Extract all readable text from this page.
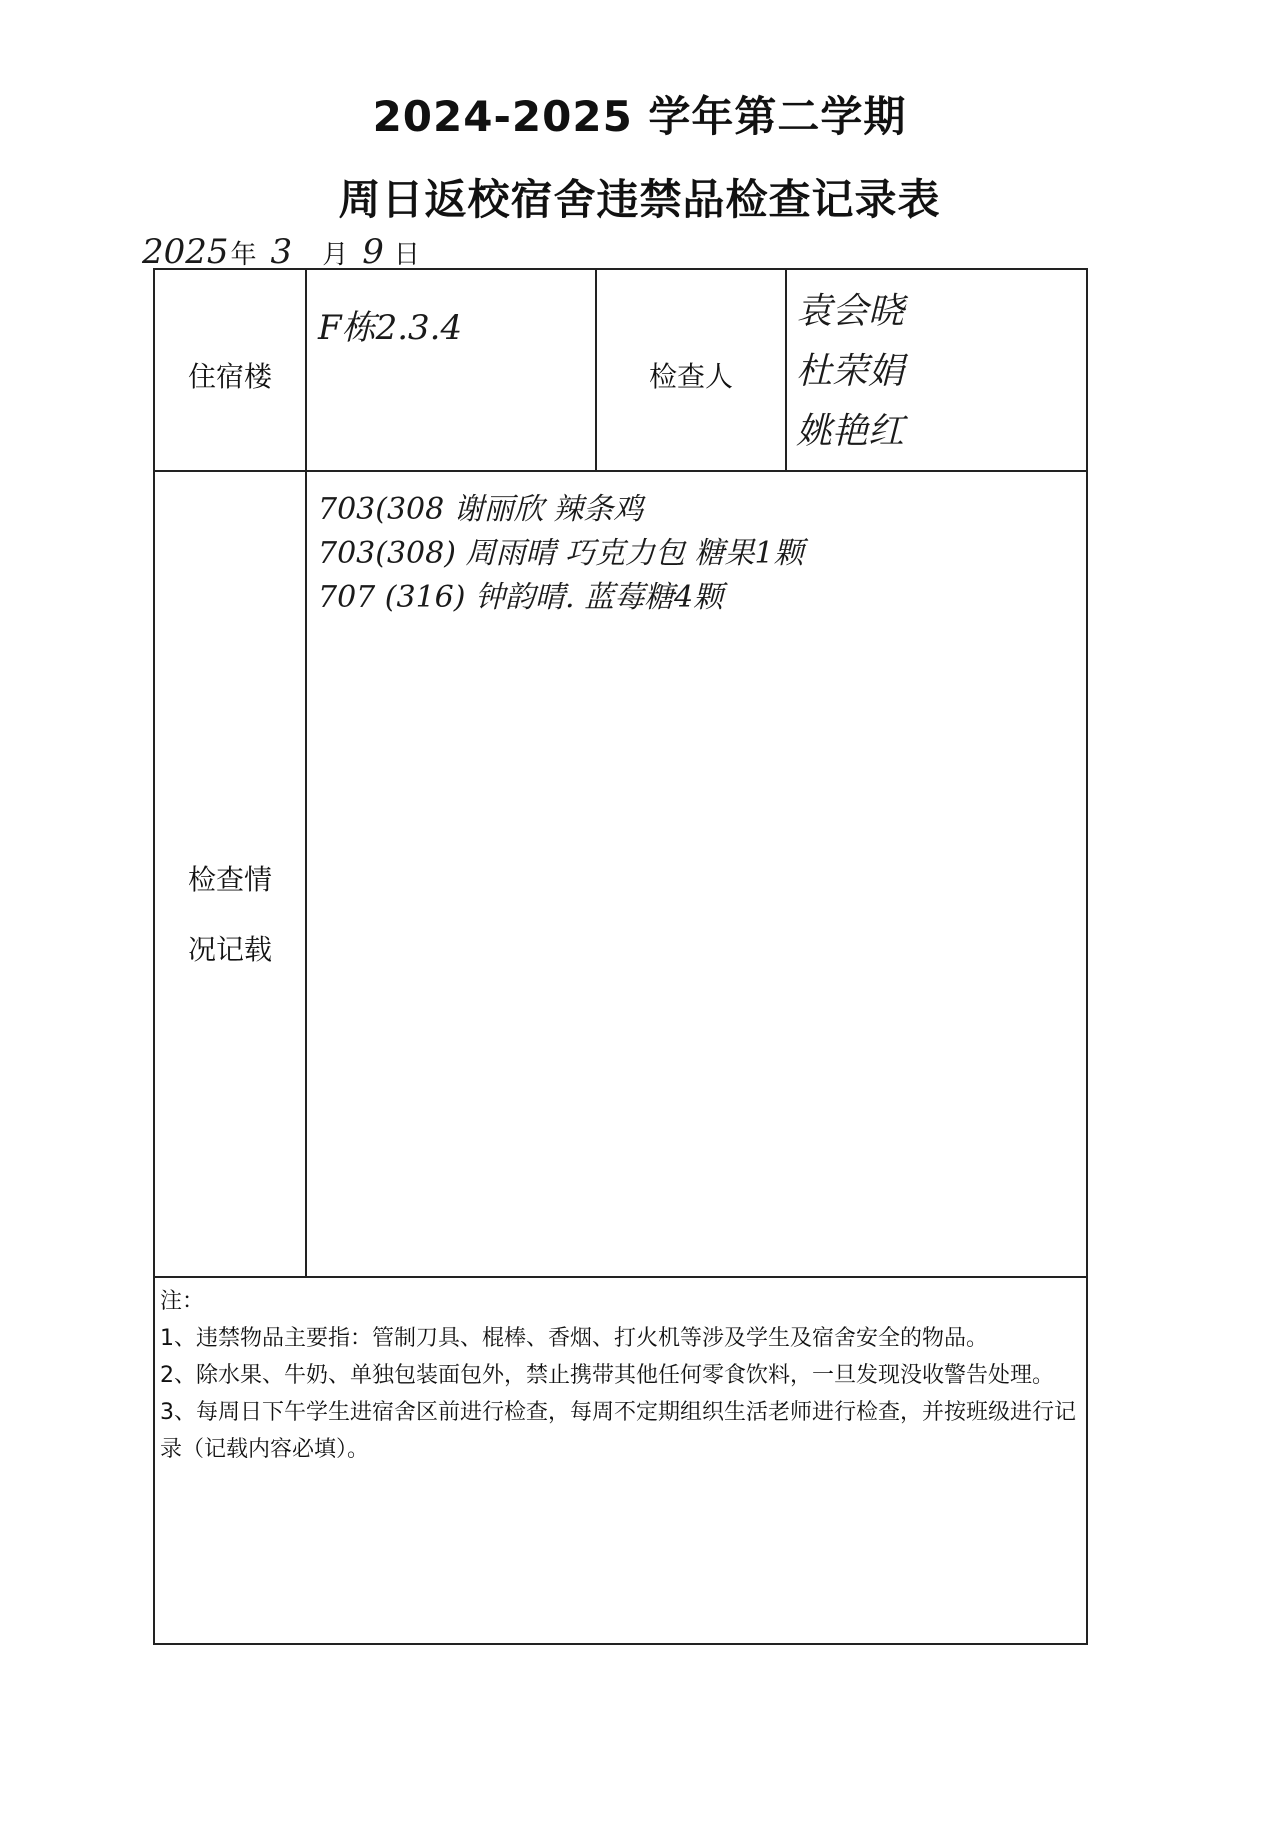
2024-2025 学年第二学期
周日返校宿舍违禁品检查记录表
2025 年 3 月 9 日
住宿楼
F栋2.3.4
检查人
袁会晓
杜荣娟
姚艳红
检查情
况记载
703(308 谢丽欣 辣条鸡
703(308) 周雨晴 巧克力包 糖果1颗
707 (316) 钟韵晴. 蓝莓糖4颗

注：

1、违禁物品主要指：管制刀具、棍棒、香烟、打火机等涉及学生及宿舍安全的物品。

2、除水果、牛奶、单独包装面包外，禁止携带其他任何零食饮料，一旦发现没收警告处理。

3、每周日下午学生进宿舍区前进行检查，每周不定期组织生活老师进行检查，并按班级进行记录（记载内容必填）。
